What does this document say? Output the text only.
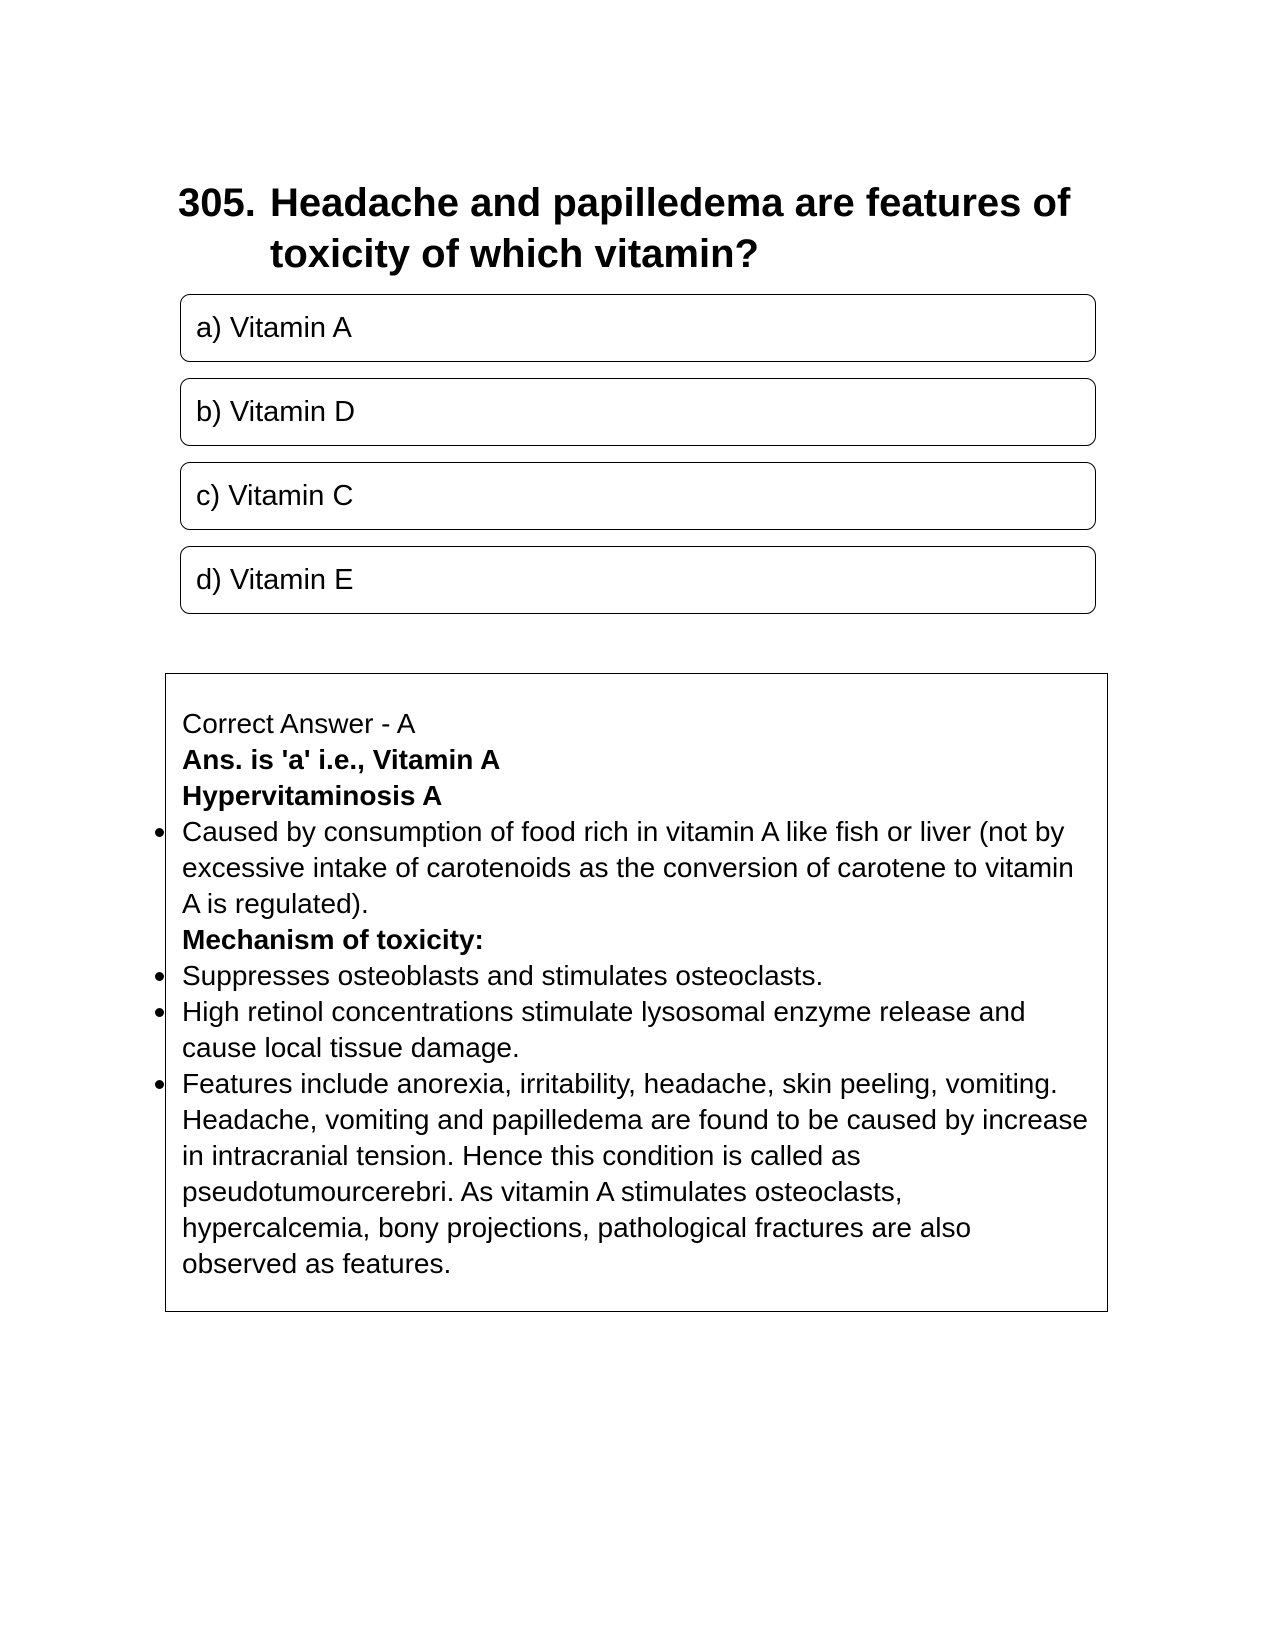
305. Headache and papilledema are features of toxicity of which vitamin?
a) Vitamin A
b) Vitamin D
c) Vitamin C
d) Vitamin E
Correct Answer - A
Ans. is 'a' i.e., Vitamin A
Hypervitaminosis A
Caused by consumption of food rich in vitamin A like fish or liver (not by excessive intake of carotenoids as the conversion of carotene to vitamin A is regulated).
Mechanism of toxicity:
Suppresses osteoblasts and stimulates osteoclasts.
High retinol concentrations stimulate lysosomal enzyme release and cause local tissue damage.
Features include anorexia, irritability, headache, skin peeling, vomiting. Headache, vomiting and papilledema are found to be caused by increase in intracranial tension. Hence this condition is called as pseudotumourcerebri. As vitamin A stimulates osteoclasts, hypercalcemia, bony projections, pathological fractures are also observed as features.
